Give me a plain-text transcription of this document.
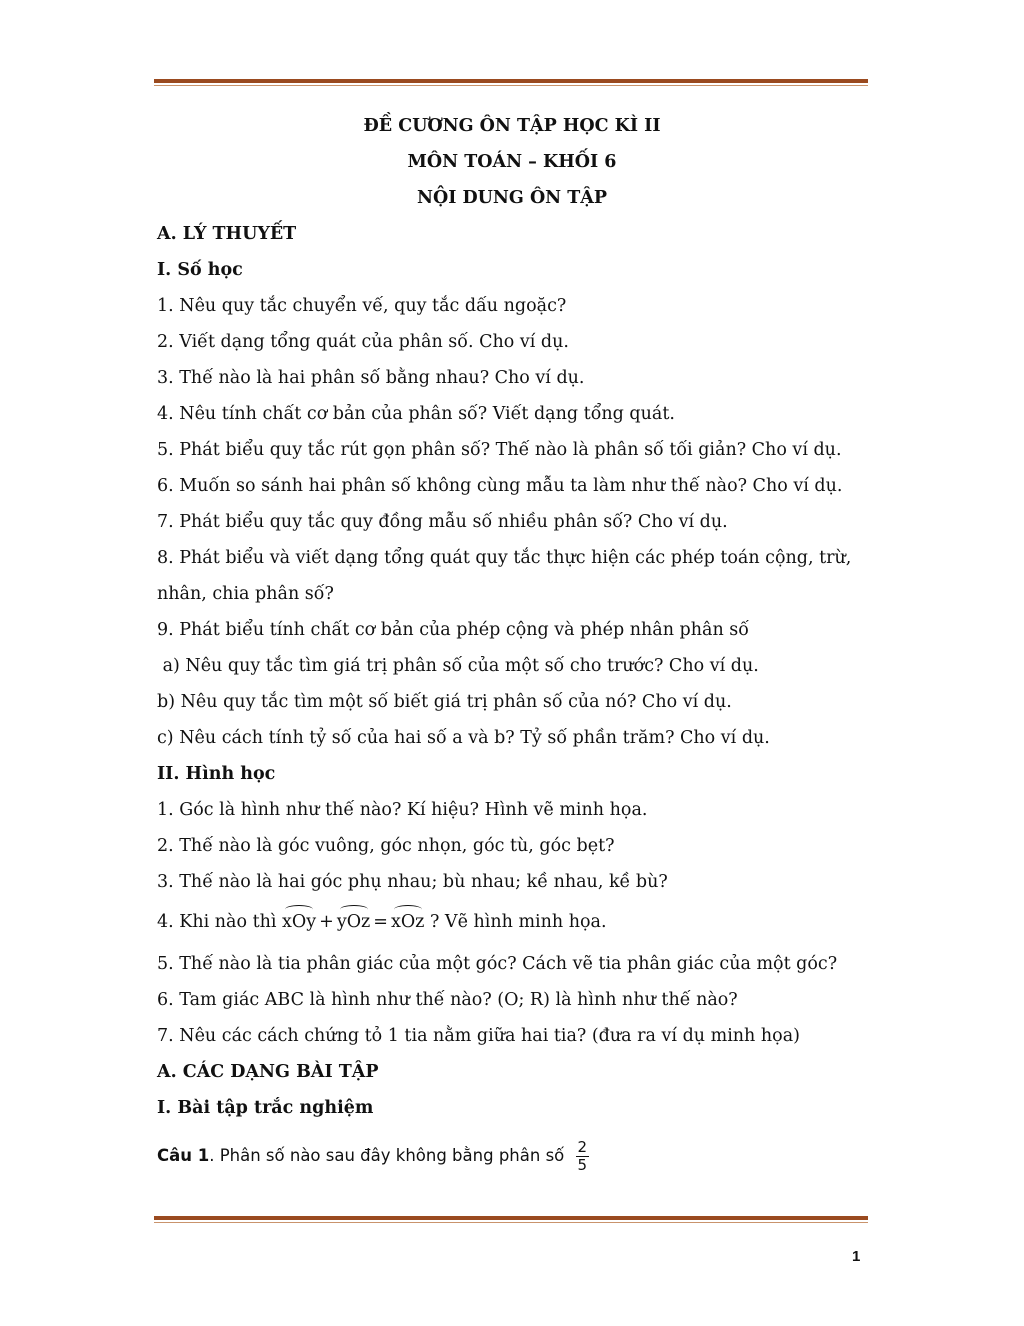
ĐỀ CƯƠNG ÔN TẬP HỌC KÌ II
MÔN TOÁN – KHỐI 6
NỘI DUNG ÔN TẬP
A. LÝ THUYẾT
I. Số học
1. Nêu quy tắc chuyển vế, quy tắc dấu ngoặc?
2. Viết dạng tổng quát của phân số. Cho ví dụ.
3. Thế nào là hai phân số bằng nhau? Cho ví dụ.
4. Nêu tính chất cơ bản của phân số? Viết dạng tổng quát.
5. Phát biểu quy tắc rút gọn phân số? Thế nào là phân số tối giản? Cho ví dụ.
6. Muốn so sánh hai phân số không cùng mẫu ta làm như thế nào? Cho ví dụ.
7. Phát biểu quy tắc quy đồng mẫu số nhiều phân số? Cho ví dụ.
8. Phát biểu và viết dạng tổng quát quy tắc thực hiện các phép toán cộng, trừ,
nhân, chia phân số?
9. Phát biểu tính chất cơ bản của phép cộng và phép nhân phân số
a) Nêu quy tắc tìm giá trị phân số của một số cho trước? Cho ví dụ.
b) Nêu quy tắc tìm một số biết giá trị phân số của nó? Cho ví dụ.
c) Nêu cách tính tỷ số của hai số a và b? Tỷ số phần trăm? Cho ví dụ.
II. Hình học
1. Góc là hình như thế nào? Kí hiệu? Hình vẽ minh họa.
2. Thế nào là góc vuông, góc nhọn, góc tù, góc bẹt?
3. Thế nào là hai góc phụ nhau; bù nhau; kề nhau, kề bù?
4. Khi nào thì xOy + yOz = xOz ? Vẽ hình minh họa.
5. Thế nào là tia phân giác của một góc? Cách vẽ tia phân giác của một góc?
6. Tam giác ABC là hình như thế nào? (O; R) là hình như thế nào?
7. Nêu các cách chứng tỏ 1 tia nằm giữa hai tia? (đưa ra ví dụ minh họa)
A. CÁC DẠNG BÀI TẬP
I. Bài tập trắc nghiệm
Câu 1. Phân số nào sau đây không bằng phân số $\frac{2}{5}$
1
